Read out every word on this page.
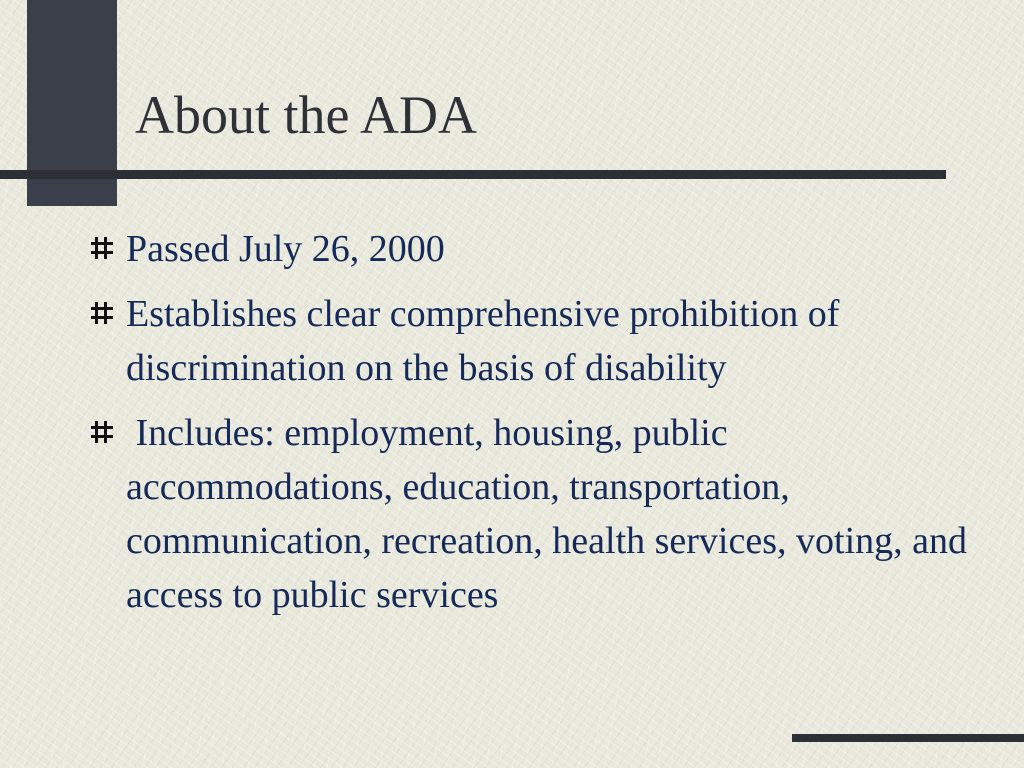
About the ADA
Passed July 26, 2000
Establishes clear comprehensive prohibition of discrimination on the basis of disability
Includes: employment, housing, public accommodations, education, transportation, communication, recreation, health services, voting, and access to public services
